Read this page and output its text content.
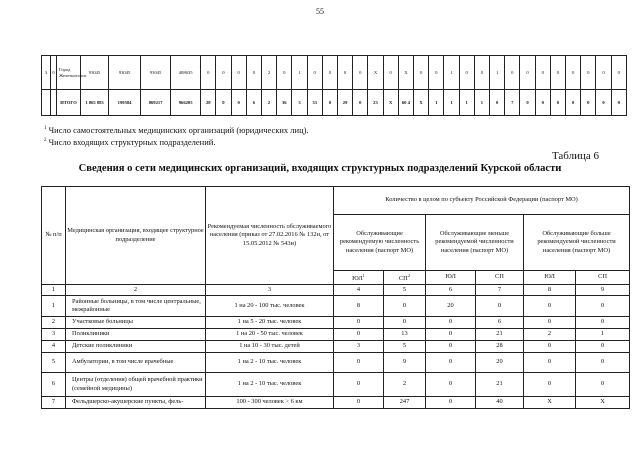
55
3	0	Город Железногорск	93045	93045	93045	408635	0	0	0	0	2	0	1	0	0	0	0	X	0	X	0	0	1	0	0	1	0	0	0	0	0	0	0	0
		ИТОГО	1 065 883	199584	869217	966205	28	0	0	6	2	36	3	33	0	29	0	23	X	60 4	X	1	1	1	1	0	7	0	0	0	0	0	0	0
$^1$ Число самостоятельных медицинских организаций (юридических лиц).
$^2$ Число входящих структурных подразделений.
Таблица 6
Сведения о сети медицинских организаций, входящих структурных подразделений Курской области
№ п/п	Медицинская организация, входящее структурное подразделение	Рекомендуемая численность обслуживаемого населения (приказ от 27.02.2016 № 132н, от 15.05.2012 № 543н)	Количество в целом по субъекту Российской Федерации (паспорт МО)					
			Обслуживающие рекомендуемую численность населения (паспорт МО)		Обслуживающие меньше рекомендуемой численности населения (паспорт МО)		Обслуживающие больше рекомендуемой численности населения (паспорт МО)	
			$ЮЛ^1$	$СП^2$	ЮЛ	СП	ЮЛ	СП
1	2	3	4	5	6	7	8	9
1	Районные больницы, в том числе центральные, межрайонные	1 на 20 - 100 тыс. человек	8	0	20	0	0	0
2	Участковые больницы	1 на 5 - 20 тыс. человек	0	0	0	6	0	0
3	Поликлиники	1 на 20 - 50 тыс. человек	0	13	0	21	2	1
4	Детские поликлиники	1 на 10 - 30 тыс. детей	3	5	0	28	0	0
5	Амбулатории, в том числе врачебные	1 на 2 - 10 тыс. человек	0	9	0	20	0	0
6	Центры (отделения) общей врачебной практики (семейной медицины)	1 на 2 - 10 тыс. человек	0	2	0	21	0	0
7	Фельдшерско-акушерские пункты, фель-	100 - 300 человек > 6 км	0	247	0	40	X	X
